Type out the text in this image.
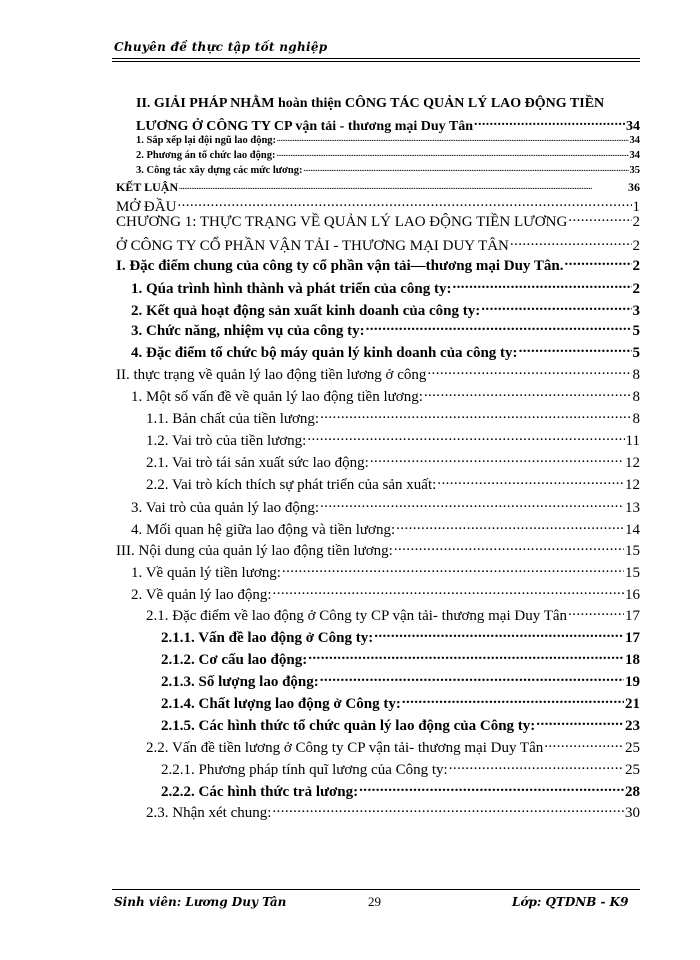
Chuyên đề thực tập tốt nghiệp
II. GIẢI PHÁP NHẰM hoàn thiện CÔNG TÁC QUẢN LÝ LAO ĐỘNG TIỀN
LƯƠNG Ở CÔNG TY CP vận tải - thương mại Duy Tân .....	34
1. Sắp xếp lại đội ngũ lao động: .....	34
2. Phương án tổ chức lao động: .....	34
3. Công tác xây dựng các mức lương: .....	35
KẾT LUẬN .....	36
MỞ ĐẦU .....	1
CHƯƠNG 1: THỰC TRẠNG VỀ QUẢN LÝ LAO ĐỘNG TIỀN LƯƠNG .....	2
Ở CÔNG TY CỔ PHẦN VẬN TẢI - THƯƠNG MẠI DUY TÂN .....	2
I. Đặc điểm chung của công ty cổ phần vận tải—thương mại Duy Tân. .....	2
1. Qúa trình hình thành và phát triển của công ty: .....	2
2. Kết quả hoạt động sản xuất kinh doanh của công ty: .....	3
3. Chức năng, nhiệm vụ của công ty: .....	5
4. Đặc điểm tổ chức bộ máy quản lý kinh doanh của công ty: .....	5
II. thực trạng về quản lý lao động tiền lương ở công .....	8
1. Một số vấn đề về quản lý lao động tiền lương: .....	8
1.1. Bản chất của tiền lương: .....	8
1.2. Vai trò của tiền lương: .....	11
2.1. Vai trò tái sản xuất sức lao động: .....	12
2.2. Vai trò kích thích sự phát triển của sản xuất: .....	12
3. Vai trò của quản lý lao động: .....	13
4. Mối quan hệ giữa lao động và tiền lương: .....	14
III. Nội dung của quản lý lao động tiền lương: .....	15
1. Về quản lý tiền lương: .....	15
2. Về quản lý lao động: .....	16
2.1. Đặc điểm về lao động ở Công ty CP vận tải- thương mại Duy Tân .....	17
2.1.1. Vấn đề lao động ở Công ty: .....	17
2.1.2. Cơ cấu lao động: .....	18
2.1.3. Số lượng lao động: .....	19
2.1.4. Chất lượng lao động ở Công ty: .....	21
2.1.5. Các hình thức tổ chức quản lý lao động của Công ty: .....	23
2.2. Vấn đề tiền lương ở Công ty CP vận tải- thương mại Duy Tân .....	25
2.2.1. Phương pháp tính quĩ lương của Công ty: .....	25
2.2.2. Các hình thức trả lương: .....	28
2.3. Nhận xét chung: .....	30
Sinh viên: Lương Duy Tân	29	Lớp: QTDNB - K9
